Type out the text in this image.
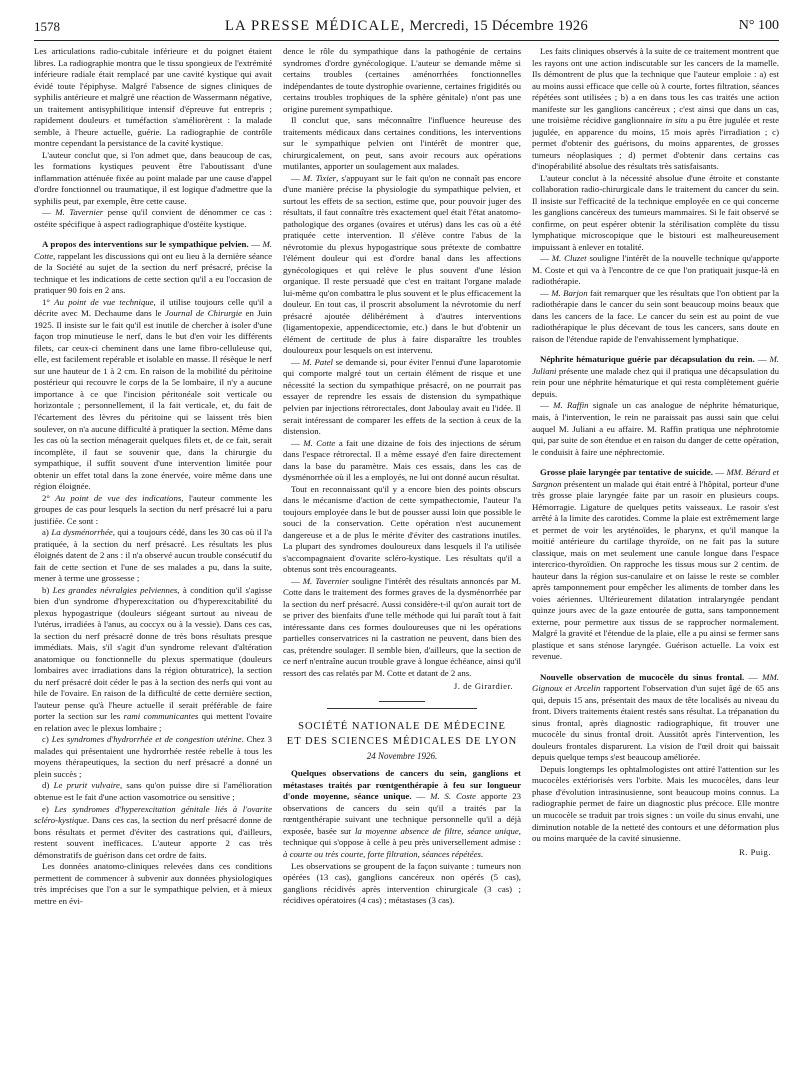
1578	LA PRESSE MÉDICALE, Mercredi, 15 Décembre 1926	N° 100

Les articulations radio-cubitale inférieure et du poignet étaient libres. La radiographie montra que le tissu spongieux de l'extrémité inférieure radiale était remplacé par une cavité kystique qui avait évidé toute l'épiphyse. Malgré l'absence de signes cliniques de syphilis antérieure et malgré une réaction de Wassermann négative, un traitement antisyphilitique intensif d'épreuve fut entrepris ; rapidement douleurs et tuméfaction s'améliorèrent : la malade semble, à l'heure actuelle, guérie. La radiographie de contrôle montre cependant la persistance de la cavité kystique.

L'auteur conclut que, si l'on admet que, dans beaucoup de cas, les formations kystiques peuvent être l'aboutissant d'une inflammation atténuée fixée au point malade par une cause d'appel d'ordre fonctionnel ou traumatique, il est logique d'admettre que la syphilis peut, par exemple, être cette cause.

— M. Tavernier pense qu'il convient de dénommer ce cas : ostéite spécifique à aspect radiographique d'ostéite kystique.

A propos des interventions sur le sympathique pelvien. — M. Cotte, rappelant les discussions qui ont eu lieu à la dernière séance de la Société au sujet de la section du nerf présacré, précise la technique et les indications de cette section qu'il a eu l'occasion de pratiquer 90 fois en 2 ans.

1° Au point de vue technique, il utilise toujours celle qu'il a décrite avec M. Dechaume dans le Journal de Chirurgie en Juin 1925. Il insiste sur le fait qu'il est inutile de chercher à isoler d'une façon trop minutieuse le nerf, dans le but d'en voir les différents filets, car ceux-ci cheminent dans une lame fibro-celluleuse qui, elle, est facilement repérable et isolable en masse. Il résèque le nerf sur une hauteur de 1 à 2 cm. En raison de la mobilité du péritoine postérieur qui recouvre le corps de la 5e lombaire, il n'y a aucune importance à ce que l'incision péritonéale soit verticale ou horizontale ; personnellement, il la fait verticale, et, du fait de l'écartement des lèvres du péritoine qui se laissent très bien soulever, on n'a aucune difficulté à pratiquer la section. Même dans les cas où la section ménagerait quelques filets et, de ce fait, serait incomplète, il faut se souvenir que, dans la chirurgie du sympathique, il suffit souvent d'une intervention limitée pour obtenir un effet total dans la zone énervée, voire même dans une région éloignée.

2° Au point de vue des indications, l'auteur commente les groupes de cas pour lesquels la section du nerf présacré lui a paru justifiée. Ce sont :

a) La dysménorrhée, qui a toujours cédé, dans les 30 cas où il l'a pratiquée, à la section du nerf présacré. Les résultats les plus éloignés datent de 2 ans : il n'a observé aucun trouble consécutif du fait de cette section et l'une de ses malades a pu, dans la suite, mener à terme une grossesse ;

b) Les grandes névralgies pelviennes, à condition qu'il s'agisse bien d'un syndrome d'hyperexcitation ou d'hyperexcitabilité du plexus hypogastrique (douleurs siégeant surtout au niveau de l'utérus, irradiées à l'anus, au coccyx ou à la vessie). Dans ces cas, la section du nerf présacré donne de très bons résultats presque immédiats. Mais, s'il s'agit d'un syndrome relevant d'altération anatomique ou fonctionnelle du plexus spermatique (douleurs lombaires avec irradiations dans la région obturatrice), la section du nerf présacré doit céder le pas à la section des nerfs qui vont au hile de l'ovaire. En raison de la difficulté de cette dernière section, l'auteur pense qu'à l'heure actuelle il serait préférable de faire porter la section sur les rami communicantes qui mettent l'ovaire en relation avec le plexus lombaire ;

c) Les syndromes d'hydrorrhée et de congestion utérine. Chez 3 malades qui présentaient une hydrorrhée restée rebelle à tous les moyens thérapeutiques, la section du nerf présacré a donné un plein succès ;

d) Le prurit vulvaire, sans qu'on puisse dire si l'amélioration obtenue est le fait d'une action vasomotrice ou sensitive ;

e) Les syndromes d'hyperexcitation génitale liés à l'ovarite scléro-kystique. Dans ces cas, la section du nerf présacré donne de bons résultats et permet d'éviter des castrations qui, d'ailleurs, restent souvent inefficaces. L'auteur apporte 2 cas très démonstratifs de guérison dans cet ordre de faits.

Les données anatomo-cliniques relevées dans ces conditions permettent de commencer à subvenir aux données physiologiques très imprécises que l'on a sur le sympathique pelvien, et à mieux mettre en évi-

dence le rôle du sympathique dans la pathogénie de certains syndromes d'ordre gynécologique. L'auteur se demande même si certains troubles (certaines aménorrhées fonctionnelles indépendantes de toute dystrophie ovarienne, certaines frigidités ou certains troubles trophiques de la sphère génitale) n'ont pas une origine purement sympathique.

Il conclut que, sans méconnaître l'influence heureuse des traitements médicaux dans certaines conditions, les interventions sur le sympathique pelvien ont l'intérêt de montrer que, chirurgicalement, on peut, sans avoir recours aux opérations mutilantes, apporter un soulagement aux malades.

— M. Tixier, s'appuyant sur le fait qu'on ne connaît pas encore d'une manière précise la physiologie du sympathique pelvien, et surtout les effets de sa section, estime que, pour pouvoir juger des résultats, il faut connaître très exactement quel était l'état anatomo-pathologique des organes (ovaires et utérus) dans les cas où a été pratiquée cette intervention. Il s'élève contre l'abus de la névrotomie du plexus hypogastrique sous prétexte de combattre l'élément douleur qui est d'ordre banal dans les affections gynécologiques et qui relève le plus souvent d'une lésion organique. Il reste persuadé que c'est en traitant l'organe malade lui-même qu'on combattra le plus souvent et le plus efficacement la douleur. En tout cas, il proscrit absolument la névrotomie du nerf présacré ajoutée délibérément à d'autres interventions (ligamentopexie, appendicectomie, etc.) dans le but d'obtenir un élément de certitude de plus à faire disparaître les troubles douloureux pour lesquels on est intervenu.

— M. Patel se demande si, pour éviter l'ennui d'une laparotomie qui comporte malgré tout un certain élément de risque et une nécessité la section du sympathique présacré, on ne pourrait pas essayer de reprendre les essais de distension du sympathique pelvien par injections rétrorectales, dont Jaboulay avait eu l'idée. Il serait intéressant de comparer les effets de la section à ceux de la distension.

— M. Cotte a fait une dizaine de fois des injections de sérum dans l'espace rétrorectal. Il a même essayé d'en faire directement dans la base du paramètre. Mais ces essais, dans les cas de dysménorrhée où il les a employés, ne lui ont donné aucun résultat.

Tout en reconnaissant qu'il y a encore bien des points obscurs dans le mécanisme d'action de cette sympathectomie, l'auteur l'a toujours employée dans le but de pousser aussi loin que possible le souci de la conservation. Cette opération n'est aucunement dangereuse et a de plus le mérite d'éviter des castrations inutiles. La plupart des syndromes douloureux dans lesquels il l'a utilisée s'accompagnaient d'ovarite scléro-kystique. Les résultats qu'il a obtenus sont très encourageants.

— M. Tavernier souligne l'intérêt des résultats annoncés par M. Cotte dans le traitement des formes graves de la dysménorrhée par la section du nerf présacré. Aussi considère-t-il qu'on aurait tort de se priver des bienfaits d'une telle méthode qui lui paraît tout à fait intéressante dans ces formes douloureuses que ni les opérations partielles conservatrices ni la castration ne peuvent, dans bien des cas, prétendre soulager. Il semble bien, d'ailleurs, que la section de ce nerf n'entraîne aucun trouble grave à longue échéance, ainsi qu'il ressort des cas relatés par M. Cotte et datant de 2 ans.

J. de Girardier.
SOCIÉTÉ NATIONALE DE MÉDECINE
ET DES SCIENCES MÉDICALES DE LYON
24 Novembre 1926.

Quelques observations de cancers du sein, ganglions et métastases traités par rœntgenthérapie à feu sur longueur d'onde moyenne, séance unique. — M. S. Coste apporte 23 observations de cancers du sein qu'il a traités par la rœntgenthérapie suivant une technique personnelle qu'il a déjà exposée, basée sur la moyenne absence de filtre, séance unique, technique qui s'oppose à celle à peu près universellement admise : à courte ou très courte, forte filtration, séances répétées.

Les observations se groupent de la façon suivante : tumeurs non opérées (13 cas), ganglions cancéreux non opérés (5 cas), ganglions récidivés après intervention chirurgicale (3 cas) ; récidives opératoires (4 cas) ; métastases (3 cas).

Les faits cliniques observés à la suite de ce traitement montrent que les rayons ont une action indiscutable sur les cancers de la mamelle. Ils démontrent de plus que la technique que l'auteur emploie : a) est au moins aussi efficace que celle où λ courte, fortes filtration, séances répétées sont utilisées ; b) a en dans tous les cas traités une action manifeste sur les ganglions cancéreux ; c'est ainsi que dans un cas, une troisième récidive ganglionnaire in situ a pu être jugulée et reste jugulée, en apparence du moins, 15 mois après l'irradiation ; c) permet d'obtenir des guérisons, du moins apparentes, de grosses tumeurs néoplasiques ; d) permet d'obtenir dans certains cas d'inopérabilité absolue des résultats très satisfaisants.

L'auteur conclut à la nécessité absolue d'une étroite et constante collaboration radio-chirurgicale dans le traitement du cancer du sein. Il insiste sur l'efficacité de la technique employée en ce qui concerne les ganglions cancéreux des tumeurs mammaires. Si le fait observé se confirme, on peut espérer obtenir la stérilisation complète du tissu lymphatique microscopique que le bistouri est malheureusement impuissant à enlever en totalité.

— M. Cluzet souligne l'intérêt de la nouvelle technique qu'apporte M. Coste et qui va à l'encontre de ce que l'on pratiquait jusque-là en radiothérapie.

— M. Barjon fait remarquer que les résultats que l'on obtient par la radiothérapie dans le cancer du sein sont beaucoup moins beaux que dans les cancers de la face. Le cancer du sein est au point de vue radiothérapique le plus décevant de tous les cancers, sans doute en raison de l'étendue rapide de l'envahissement lymphatique.

Néphrite hématurique guérie par décapsulation du rein. — M. Juliani présente une malade chez qui il pratiqua une décapsulation du rein pour une néphrite hématurique et qui resta complètement guérie depuis.

— M. Raffin signale un cas analogue de néphrite hématurique, mais, à l'intervention, le rein ne paraissait pas aussi sain que celui auquel M. Juliani a eu affaire. M. Raffin pratiqua une néphrotomie qui, par suite de son étendue et en raison du danger de cette opération, le conduisit à faire une néphrectomie.

Grosse plaie laryngée par tentative de suicide. — MM. Bérard et Sargnon présentent un malade qui était entré à l'hôpital, porteur d'une très grosse plaie laryngée faite par un rasoir en plusieurs coups. Hémorragie. Ligature de quelques petits vaisseaux. Le rasoir s'est arrêté à la limite des carotides. Comme la plaie est extrêmement large et permet de voir les aryténoïdes, le pharynx, et qu'il manque la moitié antérieure du cartilage thyroïde, on ne fait pas la suture classique, mais on met seulement une canule longue dans l'espace intercrico-thyroïdien. On rapproche les tissus mous sur 2 centim. de hauteur dans la région sus-canulaire et on laisse le reste se combler après tamponnement pour empêcher les aliments de tomber dans les voies aériennes. Ultérieurement dilatation intralaryngée pendant quinze jours avec de la gaze entourée de gutta, sans tamponnement externe, pour permettre aux tissus de se rapprocher normalement. Malgré la gravité et l'étendue de la plaie, elle a pu ainsi se fermer sans plastique et sans sténose laryngée. Guérison actuelle. La voix est revenue.

Nouvelle observation de mucocèle du sinus frontal. — MM. Gignoux et Arcelin rapportent l'observation d'un sujet âgé de 65 ans qui, depuis 15 ans, présentait des maux de tête localisés au niveau du front. Divers traitements étaient restés sans résultat. La trépanation du sinus frontal, après diagnostic radiographique, fit trouver une mucocèle du sinus frontal droit. Aussitôt après l'intervention, les douleurs frontales disparurent. La vision de l'œil droit qui baissait depuis quelque temps s'est beaucoup améliorée.

Depuis longtemps les ophtalmologistes ont attiré l'attention sur les mucocèles extériorisés vers l'orbite. Mais les mucocèles, dans leur phase d'évolution intrasinusienne, sont beaucoup moins connus. La radiographie permet de faire un diagnostic plus précoce. Elle montre un mucocèle se traduit par trois signes : un voile du sinus envahi, une diminution notable de la netteté des contours et une déformation plus ou moins marquée de la cavité sinusienne.

R. Puig.
